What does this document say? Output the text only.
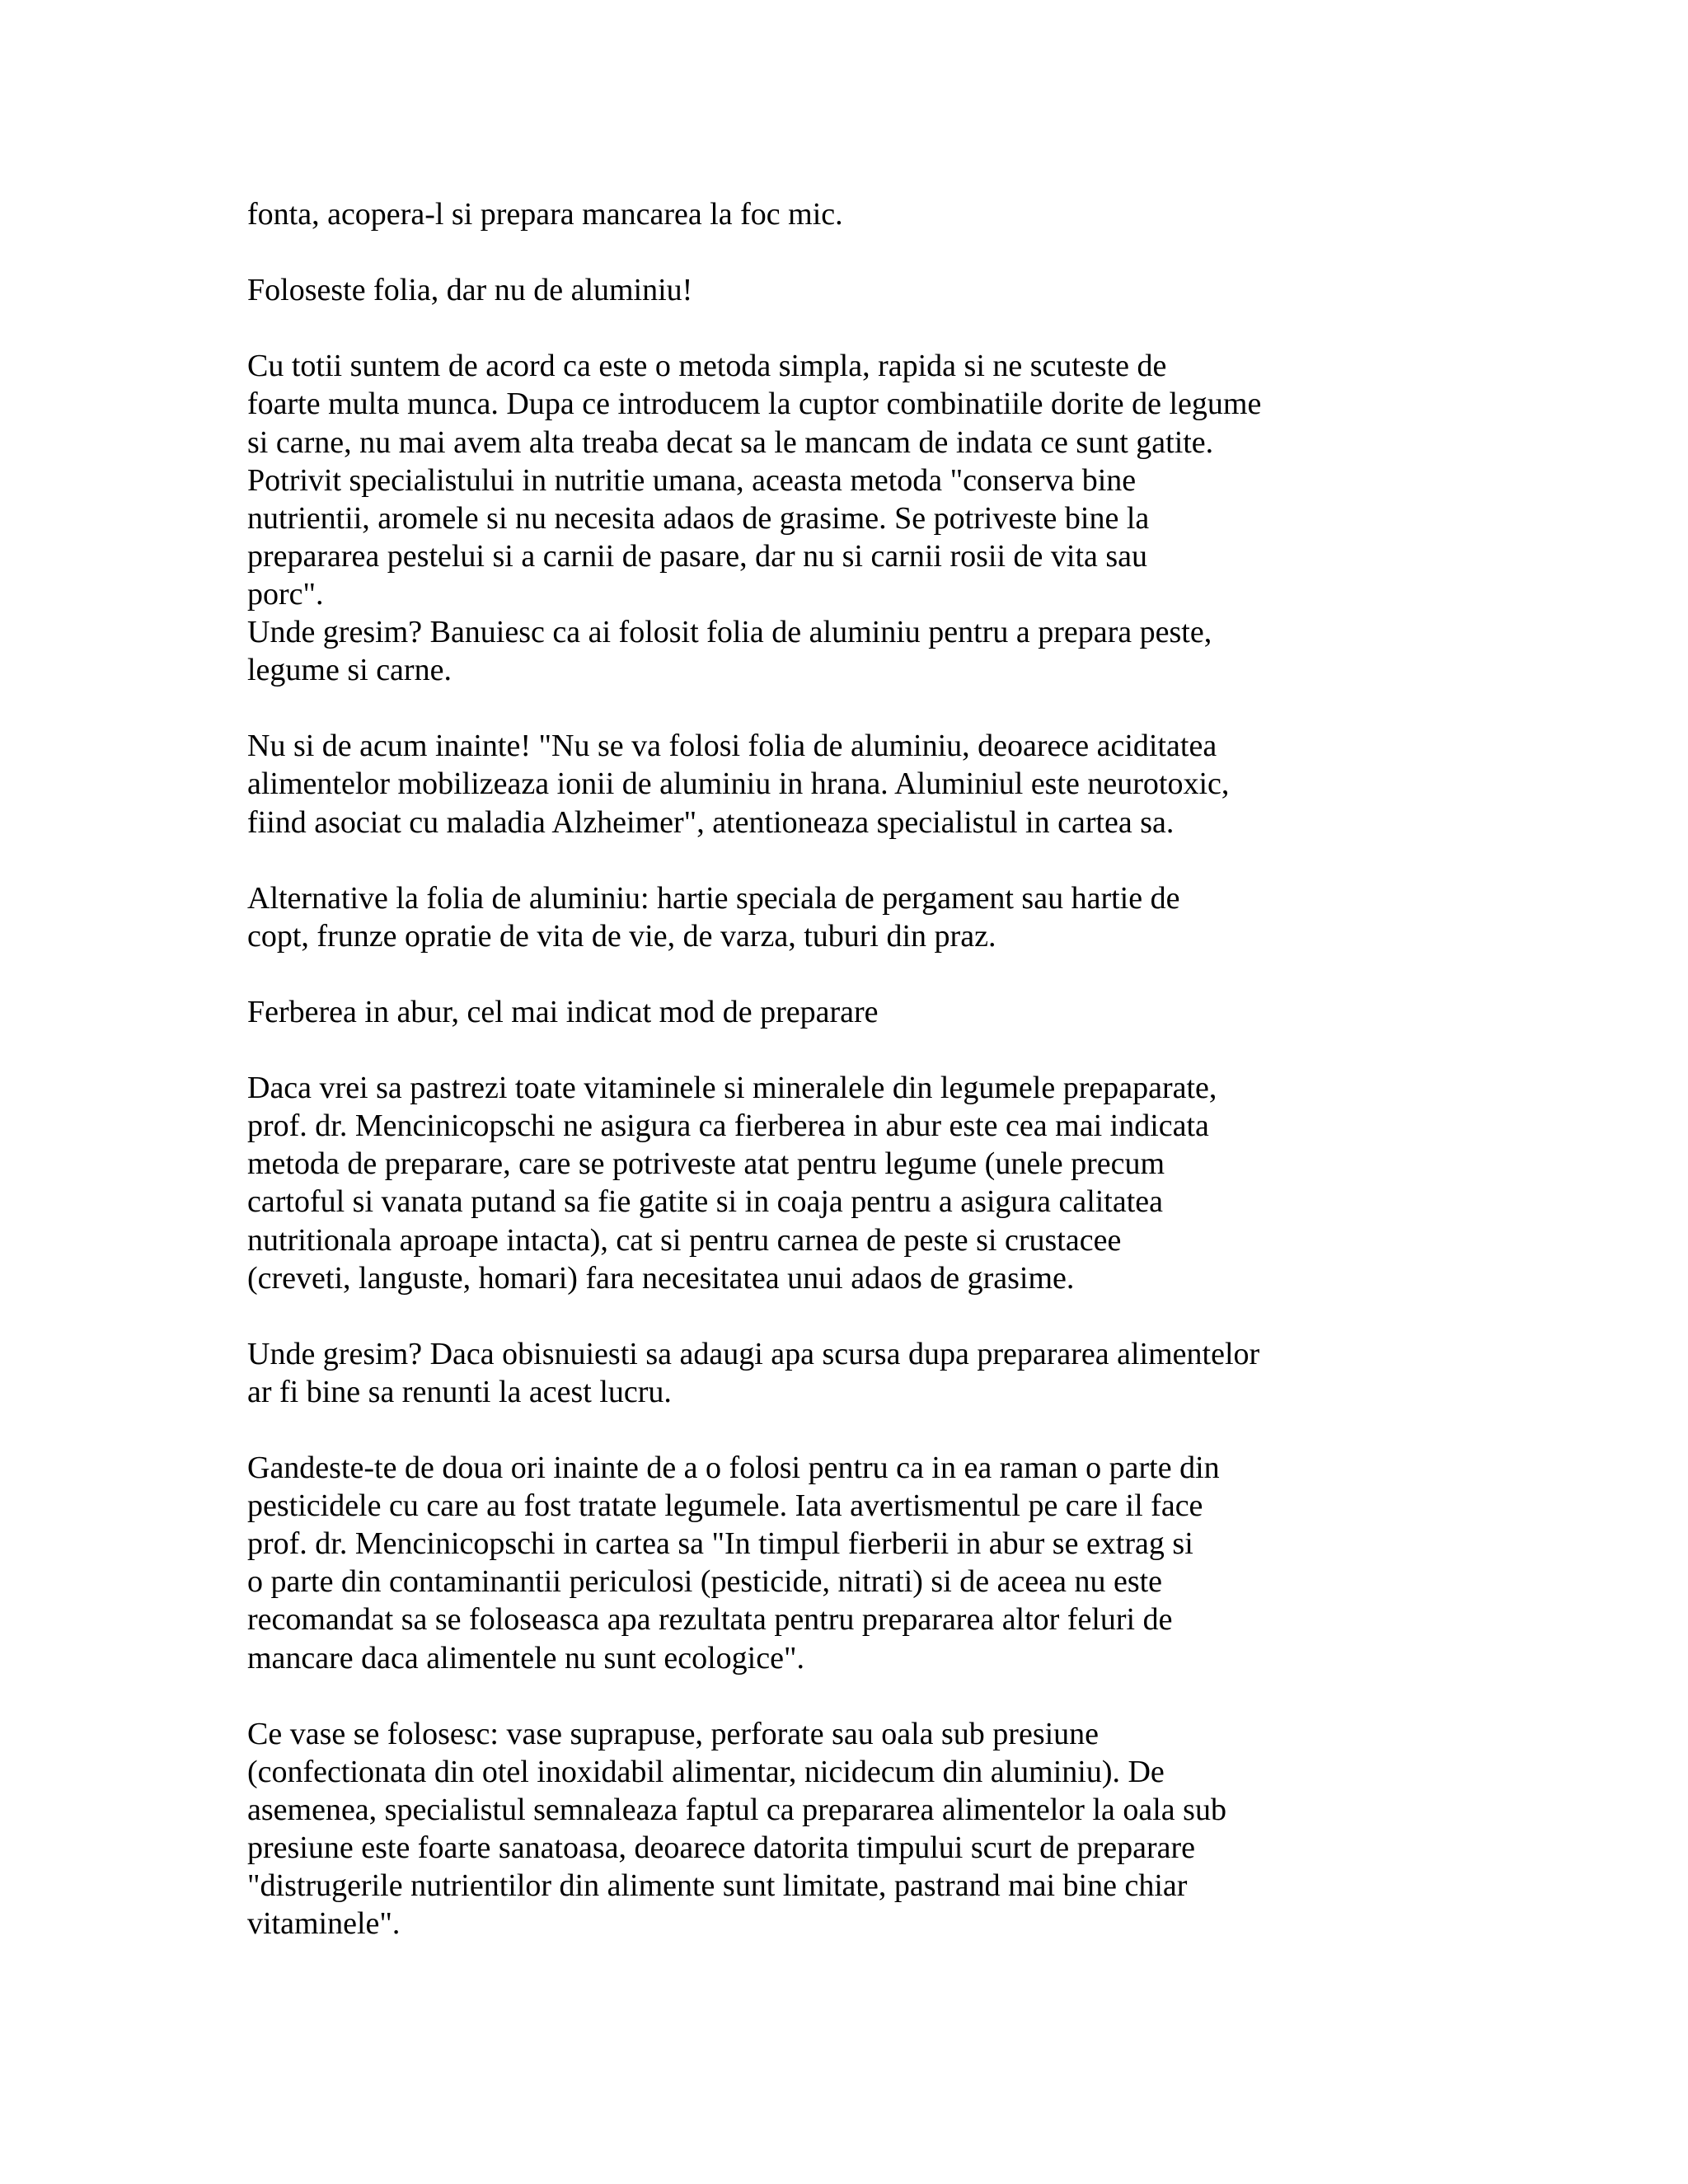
fonta, acopera-l si prepara mancarea la foc mic.
Foloseste folia, dar nu de aluminiu!
Cu totii suntem de acord ca este o metoda simpla, rapida si ne scuteste de
foarte multa munca. Dupa ce introducem la cuptor combinatiile dorite de legume
si carne, nu mai avem alta treaba decat sa le mancam de indata ce sunt gatite.
Potrivit specialistului in nutritie umana, aceasta metoda "conserva bine
nutrientii, aromele si nu necesita adaos de grasime. Se potriveste bine la
prepararea pestelui si a carnii de pasare, dar nu si carnii rosii de vita sau
porc".
Unde gresim? Banuiesc ca ai folosit folia de aluminiu pentru a prepara peste,
legume si carne.
Nu si de acum inainte! "Nu se va folosi folia de aluminiu, deoarece aciditatea
alimentelor mobilizeaza ionii de aluminiu in hrana. Aluminiul este neurotoxic,
fiind asociat cu maladia Alzheimer", atentioneaza specialistul in cartea sa.
Alternative la folia de aluminiu: hartie speciala de pergament sau hartie de
copt, frunze opratie de vita de vie, de varza, tuburi din praz.
Ferberea in abur, cel mai indicat mod de preparare
Daca vrei sa pastrezi toate vitaminele si mineralele din legumele prepaparate,
prof. dr. Mencinicopschi ne asigura ca fierberea in abur este cea mai indicata
metoda de preparare, care se potriveste atat pentru legume (unele precum
cartoful si vanata putand sa fie gatite si in coaja pentru a asigura calitatea
nutritionala aproape intacta), cat si pentru carnea de peste si crustacee
(creveti, languste, homari) fara necesitatea unui adaos de grasime.
Unde gresim? Daca obisnuiesti sa adaugi apa scursa dupa prepararea alimentelor
ar fi bine sa renunti la acest lucru.
Gandeste-te de doua ori inainte de a o folosi pentru ca in ea raman o parte din
pesticidele cu care au fost tratate legumele. Iata avertismentul pe care il face
prof. dr. Mencinicopschi in cartea sa "In timpul fierberii in abur se extrag si
o parte din contaminantii periculosi (pesticide, nitrati) si de aceea nu este
recomandat sa se foloseasca apa rezultata pentru prepararea altor feluri de
mancare daca alimentele nu sunt ecologice".
Ce vase se folosesc: vase suprapuse, perforate sau oala sub presiune
(confectionata din otel inoxidabil alimentar, nicidecum din aluminiu). De
asemenea, specialistul semnaleaza faptul ca prepararea alimentelor la oala sub
presiune este foarte sanatoasa, deoarece datorita timpului scurt de preparare
"distrugerile nutrientilor din alimente sunt limitate, pastrand mai bine chiar
vitaminele".
